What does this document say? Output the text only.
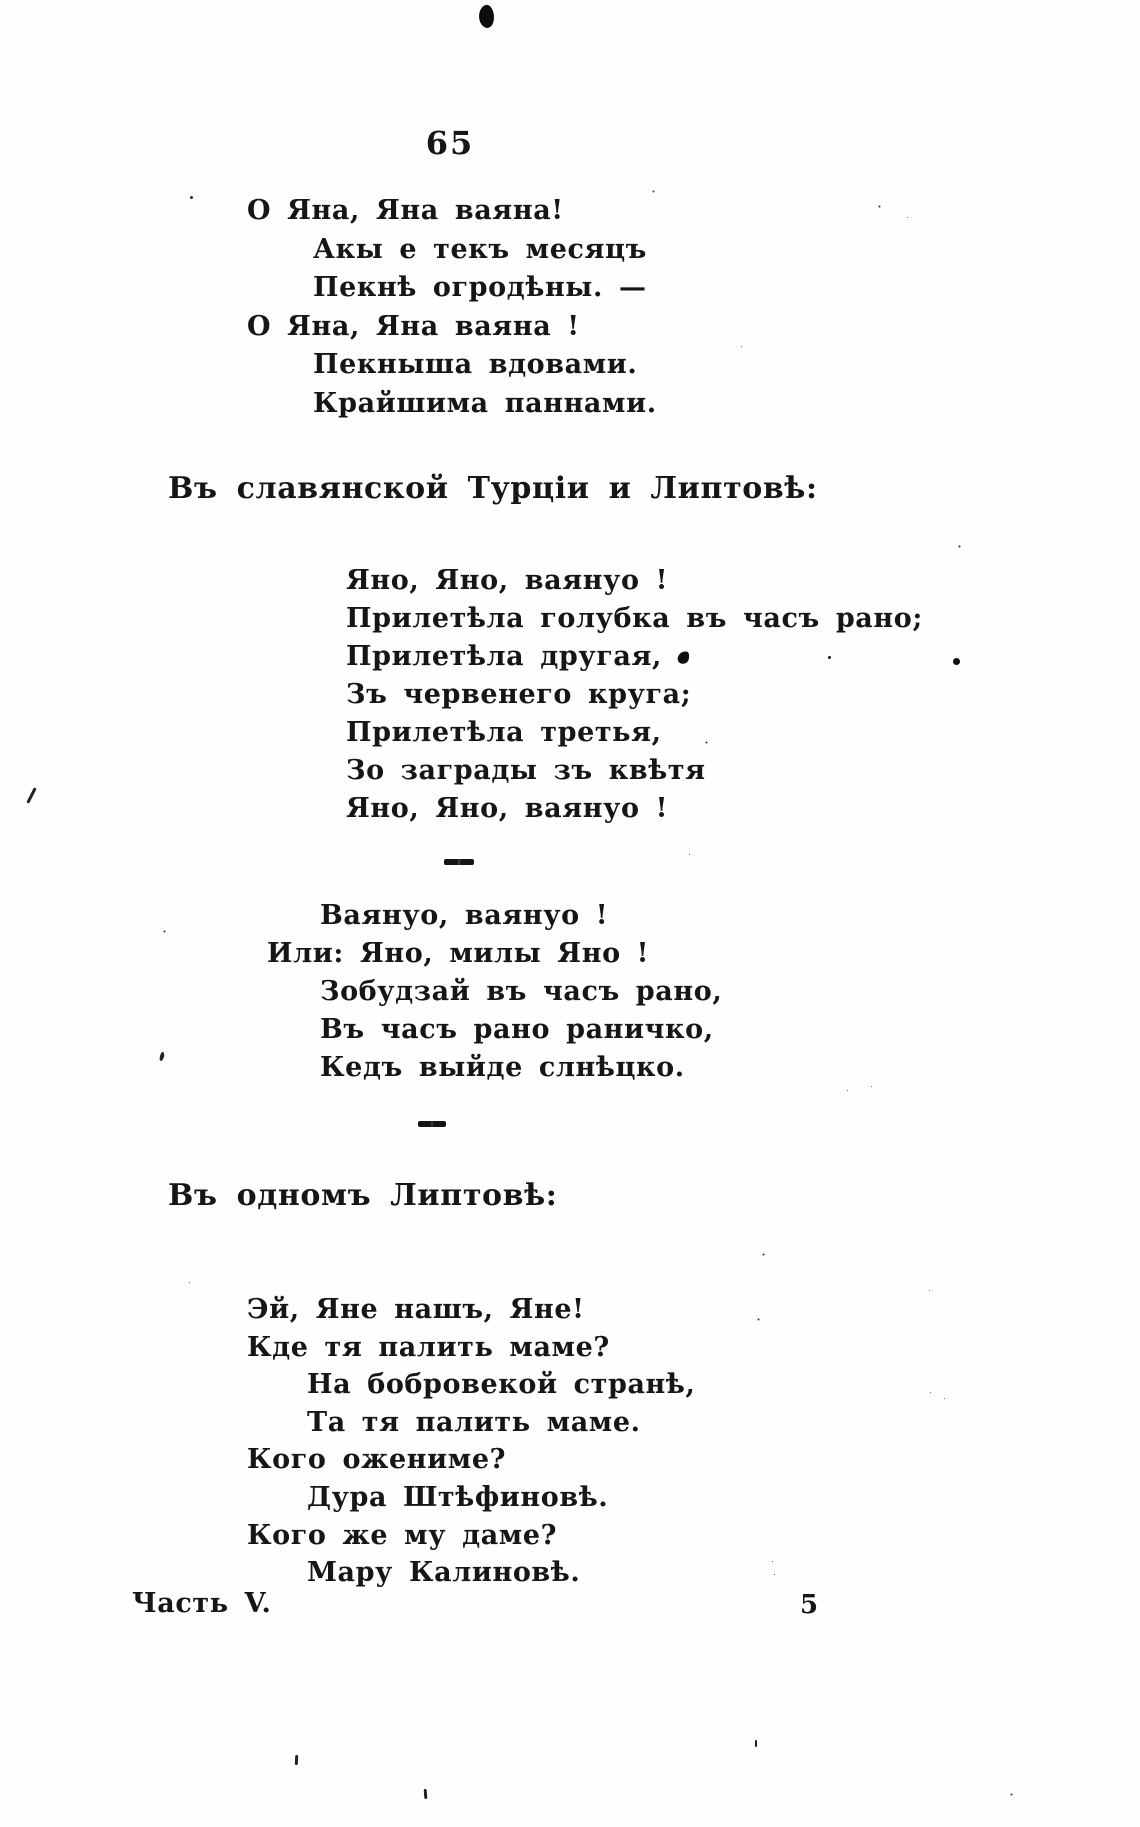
65
О Яна, Яна ваяна!
Акы е текъ месяцъ
Пекнѣ огродѣны. —
О Яна, Яна ваяна !
Пекныша вдовами.
Крайшима паннами.
Въ славянской Турціи и Липтовѣ:
Яно, Яно, ваянуо !
Прилетѣла голубка въ часъ рано;
Прилетѣла другая,
Зъ червенего круга;
Прилетѣла третья,
Зо заграды зъ квѣтя
Яно, Яно, ваянуо !
Ваянуо, ваянуо !
Или: Яно, милы Яно !
Зобудзай въ часъ рано,
Въ часъ рано раничко,
Кедъ выйде слнѣцко.
Въ одномъ Липтовѣ:
Эй, Яне нашъ, Яне!
Кде тя палить маме?
На бобровекой странѣ,
Та тя палить маме.
Кого ожениме?
Дура Штѣфиновѣ.
Кого же му даме?
Мару Калиновѣ.
Часть V.	5
